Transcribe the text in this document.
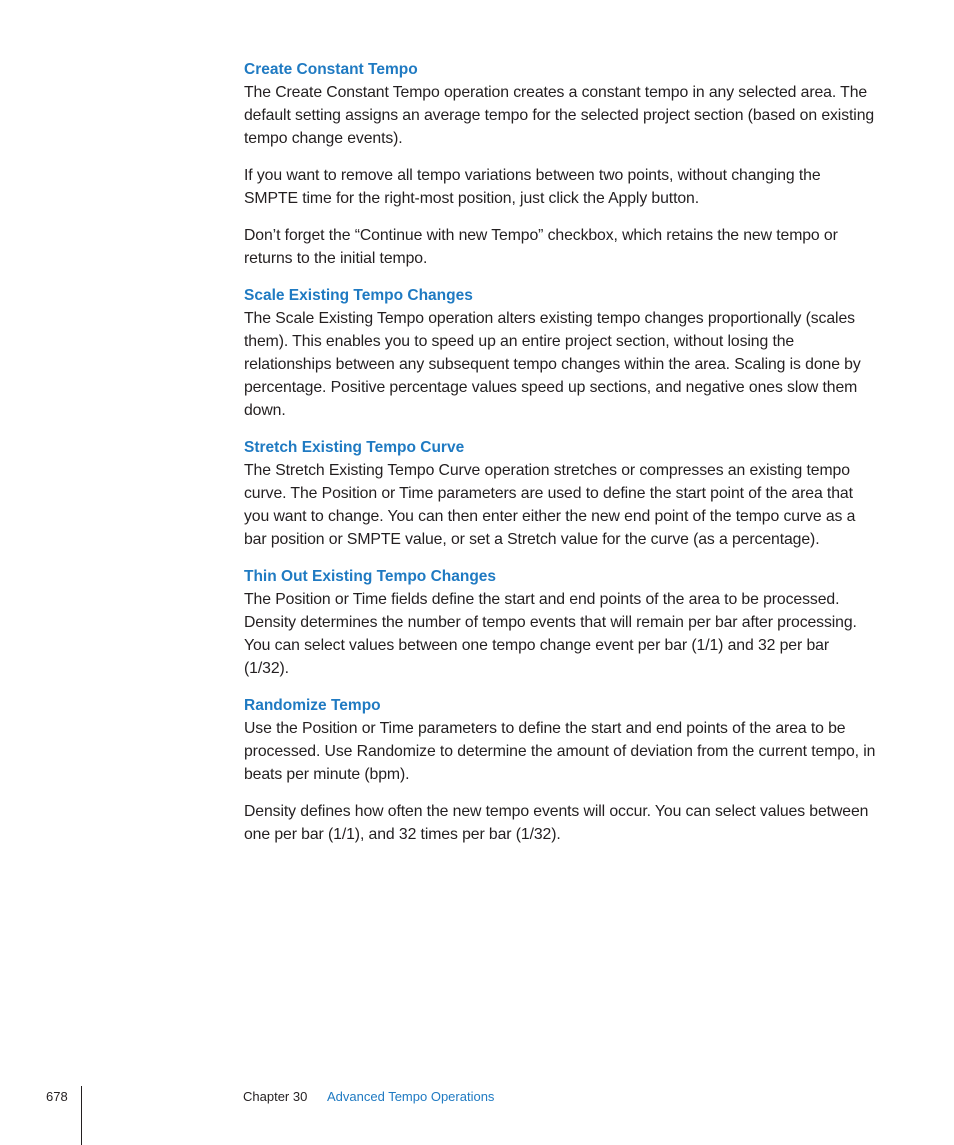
Create Constant Tempo

The Create Constant Tempo operation creates a constant tempo in any selected area. The default setting assigns an average tempo for the selected project section (based on existing tempo change events).

If you want to remove all tempo variations between two points, without changing the SMPTE time for the right-most position, just click the Apply button.

Don’t forget the “Continue with new Tempo” checkbox, which retains the new tempo or returns to the initial tempo.

Scale Existing Tempo Changes

The Scale Existing Tempo operation alters existing tempo changes proportionally (scales them). This enables you to speed up an entire project section, without losing the relationships between any subsequent tempo changes within the area. Scaling is done by percentage. Positive percentage values speed up sections, and negative ones slow them down.

Stretch Existing Tempo Curve

The Stretch Existing Tempo Curve operation stretches or compresses an existing tempo curve. The Position or Time parameters are used to define the start point of the area that you want to change. You can then enter either the new end point of the tempo curve as a bar position or SMPTE value, or set a Stretch value for the curve (as a percentage).

Thin Out Existing Tempo Changes

The Position or Time fields define the start and end points of the area to be processed. Density determines the number of tempo events that will remain per bar after processing. You can select values between one tempo change event per bar (1/1) and 32 per bar (1/32).

Randomize Tempo

Use the Position or Time parameters to define the start and end points of the area to be processed. Use Randomize to determine the amount of deviation from the current tempo, in beats per minute (bpm).

Density defines how often the new tempo events will occur. You can select values between one per bar (1/1), and 32 times per bar (1/32).

678	Chapter 30 Advanced Tempo Operations
